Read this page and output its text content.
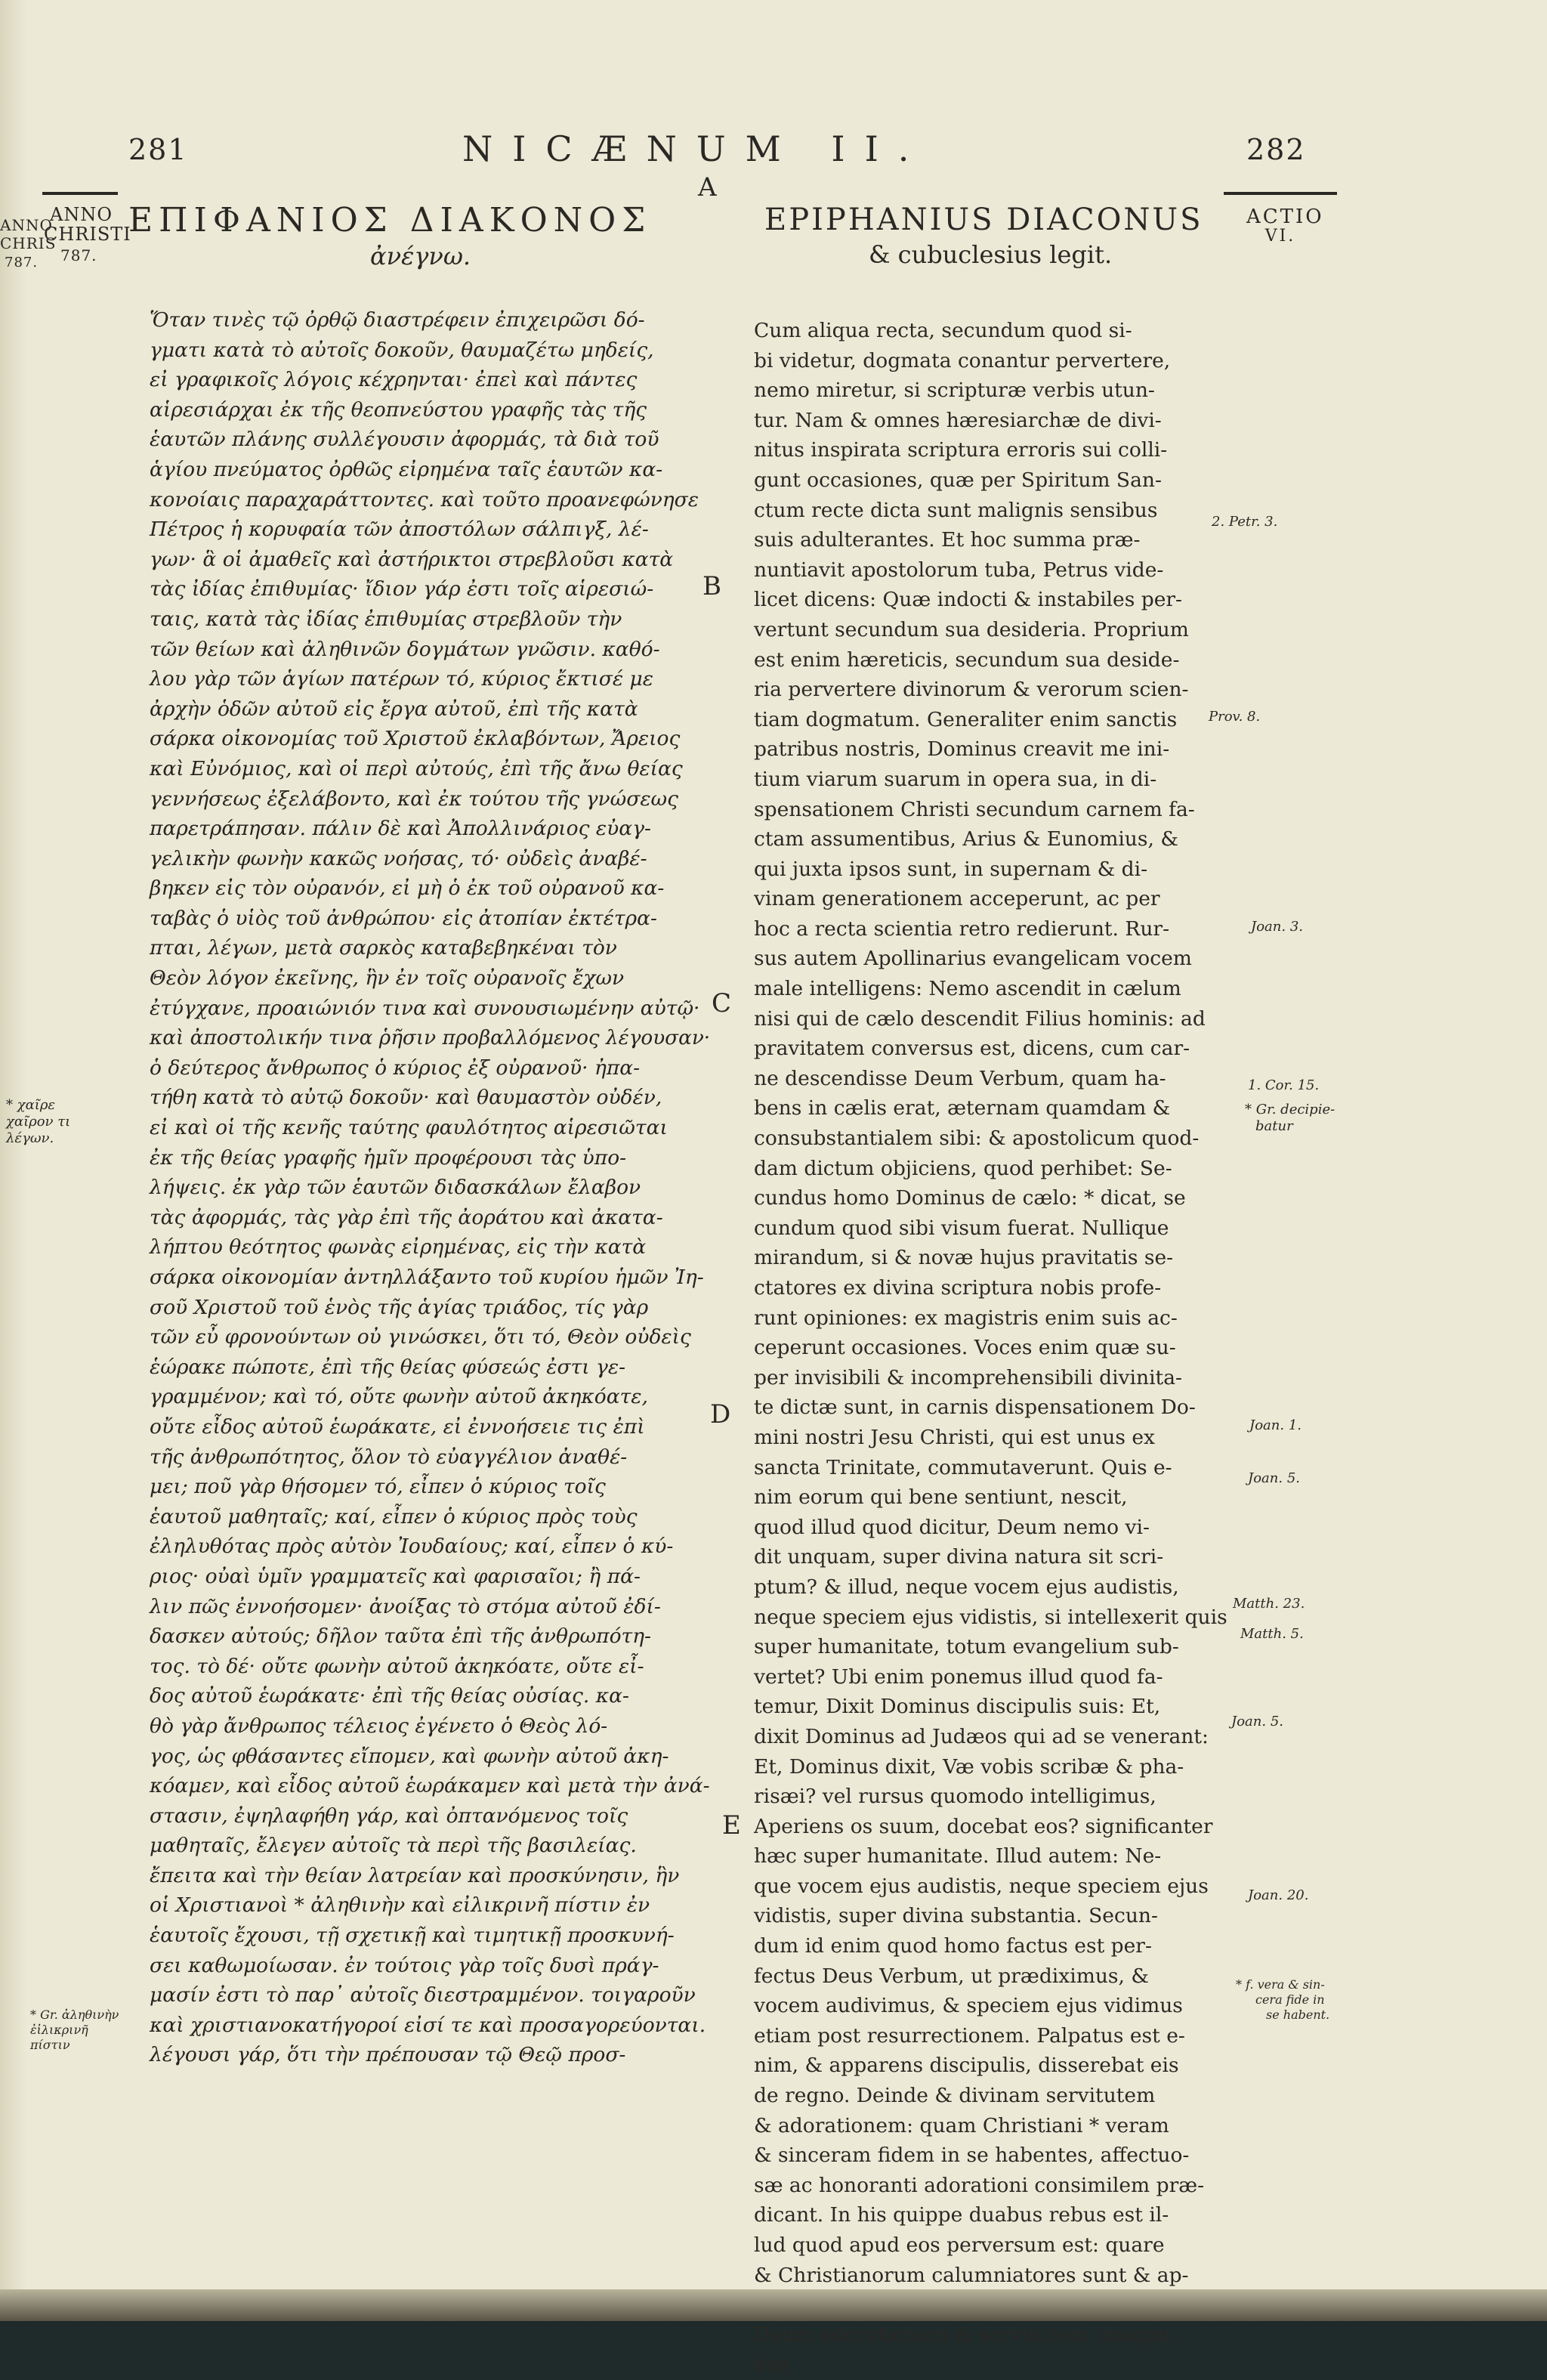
ANNO
CHRIS
787.
281	NICÆNUM II.	282
A
ANNO
CHRISTI
787.
ΕΠΙΦΑΝΙΟΣ ΔΙΑΚΟΝΟΣ
ἀνέγνω.
EPIPHANIUS DIACONUS
& cubuclesius legit.
ACTIO
VI.
Ὅταν τινὲς τῷ ὀρθῷ διαστρέφειν ἐπιχειρῶσι δό-
γματι κατὰ τὸ αὐτοῖς δοκοῦν, θαυμαζέτω μηδείς,
εἰ γραφικοῖς λόγοις κέχρηνται· ἐπεὶ καὶ πάντες
αἱρεσιάρχαι ἐκ τῆς θεοπνεύστου γραφῆς τὰς τῆς
ἑαυτῶν πλάνης συλλέγουσιν ἀφορμάς, τὰ διὰ τοῦ
ἁγίου πνεύματος ὀρθῶς εἰρημένα ταῖς ἑαυτῶν κα-
κονοίαις παραχαράττοντες. καὶ τοῦτο προανεφώνησε
Πέτρος ἡ κορυφαία τῶν ἀποστόλων σάλπιγξ, λέ-
γων· ἃ οἱ ἀμαθεῖς καὶ ἀστήρικτοι στρεβλοῦσι κατὰ
τὰς ἰδίας ἐπιθυμίας· ἴδιον γάρ ἐστι τοῖς αἱρεσιώ-
ταις, κατὰ τὰς ἰδίας ἐπιθυμίας στρεβλοῦν τὴν
τῶν θείων καὶ ἀληθινῶν δογμάτων γνῶσιν. καθό-
λου γὰρ τῶν ἁγίων πατέρων τό, κύριος ἔκτισέ με
ἀρχὴν ὁδῶν αὐτοῦ εἰς ἔργα αὐτοῦ, ἐπὶ τῆς κατὰ
σάρκα οἰκονομίας τοῦ Χριστοῦ ἐκλαβόντων, Ἄρειος
καὶ Εὐνόμιος, καὶ οἱ περὶ αὐτούς, ἐπὶ τῆς ἄνω θείας
γεννήσεως ἐξελάβοντο, καὶ ἐκ τούτου τῆς γνώσεως
παρετράπησαν. πάλιν δὲ καὶ Ἀπολλινάριος εὐαγ-
γελικὴν φωνὴν κακῶς νοήσας, τό· οὐδεὶς ἀναβέ-
βηκεν εἰς τὸν οὐρανόν, εἰ μὴ ὁ ἐκ τοῦ οὐρανοῦ κα-
ταβὰς ὁ υἱὸς τοῦ ἀνθρώπου· εἰς ἀτοπίαν ἐκτέτρα-
πται, λέγων, μετὰ σαρκὸς καταβεβηκέναι τὸν
Θεὸν λόγον ἐκεῖνης, ἣν ἐν τοῖς οὐρανοῖς ἔχων
ἐτύγχανε, προαιώνιόν τινα καὶ συνουσιωμένην αὐτῷ·
καὶ ἀποστολικήν τινα ῥῆσιν προβαλλόμενος λέγουσαν·
ὁ δεύτερος ἄνθρωπος ὁ κύριος ἐξ οὐρανοῦ· ἠπα-
τήθη κατὰ τὸ αὐτῷ δοκοῦν· καὶ θαυμαστὸν οὐδέν,
εἰ καὶ οἱ τῆς κενῆς ταύτης φαυλότητος αἱρεσιῶται
ἐκ τῆς θείας γραφῆς ἡμῖν προφέρουσι τὰς ὑπο-
λήψεις. ἐκ γὰρ τῶν ἑαυτῶν διδασκάλων ἔλαβον
τὰς ἀφορμάς, τὰς γὰρ ἐπὶ τῆς ἀοράτου καὶ ἀκατα-
λήπτου θεότητος φωνὰς εἰρημένας, εἰς τὴν κατὰ
σάρκα οἰκονομίαν ἀντηλλάξαντο τοῦ κυρίου ἡμῶν Ἰη-
σοῦ Χριστοῦ τοῦ ἑνὸς τῆς ἁγίας τριάδος, τίς γὰρ
τῶν εὖ φρονούντων οὐ γινώσκει, ὅτι τό, Θεὸν οὐδεὶς
ἑώρακε πώποτε, ἐπὶ τῆς θείας φύσεώς ἐστι γε-
γραμμένον; καὶ τό, οὔτε φωνὴν αὐτοῦ ἀκηκόατε,
οὔτε εἶδος αὐτοῦ ἑωράκατε, εἰ ἐννοήσειε τις ἐπὶ
τῆς ἀνθρωπότητος, ὅλον τὸ εὐαγγέλιον ἀναθέ-
μει; ποῦ γὰρ θήσομεν τό, εἶπεν ὁ κύριος τοῖς
ἑαυτοῦ μαθηταῖς; καί, εἶπεν ὁ κύριος πρὸς τοὺς
ἐληλυθότας πρὸς αὐτὸν Ἰουδαίους; καί, εἶπεν ὁ κύ-
ριος· οὐαὶ ὑμῖν γραμματεῖς καὶ φαρισαῖοι; ἢ πά-
λιν πῶς ἐννοήσομεν· ἀνοίξας τὸ στόμα αὐτοῦ ἐδί-
δασκεν αὐτούς; δῆλον ταῦτα ἐπὶ τῆς ἀνθρωπότη-
τος. τὸ δέ· οὔτε φωνὴν αὐτοῦ ἀκηκόατε, οὔτε εἶ-
δος αὐτοῦ ἑωράκατε· ἐπὶ τῆς θείας οὐσίας. κα-
θὸ γὰρ ἄνθρωπος τέλειος ἐγένετο ὁ Θεὸς λό-
γος, ὡς φθάσαντες εἴπομεν, καὶ φωνὴν αὐτοῦ ἀκη-
κόαμεν, καὶ εἶδος αὐτοῦ ἑωράκαμεν καὶ μετὰ τὴν ἀνά-
στασιν, ἐψηλαφήθη γάρ, καὶ ὀπτανόμενος τοῖς
μαθηταῖς, ἔλεγεν αὐτοῖς τὰ περὶ τῆς βασιλείας.
ἔπειτα καὶ τὴν θείαν λατρείαν καὶ προσκύνησιν, ἣν
οἱ Χριστιανοὶ * ἀληθινὴν καὶ εἰλικρινῆ πίστιν ἐν
ἑαυτοῖς ἔχουσι, τῇ σχετικῇ καὶ τιμητικῇ προσκυνή-
σει καθωμοίωσαν. ἐν τούτοις γὰρ τοῖς δυσὶ πράγ-
μασίν ἐστι τὸ παρ᾽ αὐτοῖς διεστραμμένον. τοιγαροῦν
καὶ χριστιανοκατήγοροί εἰσί τε καὶ προσαγορεύονται.
λέγουσι γάρ, ὅτι τὴν πρέπουσαν τῷ Θεῷ προσ-
Cum aliqua recta, secundum quod si-
bi videtur, dogmata conantur pervertere,
nemo miretur, si scripturæ verbis utun-
tur. Nam & omnes hæresiarchæ de divi-
nitus inspirata scriptura erroris sui colli-
gunt occasiones, quæ per Spiritum San-
ctum recte dicta sunt malignis sensibus
suis adulterantes. Et hoc summa præ-
nuntiavit apostolorum tuba, Petrus vide-
licet dicens: Quæ indocti & instabiles per-
vertunt secundum sua desideria. Proprium
est enim hæreticis, secundum sua deside-
ria pervertere divinorum & verorum scien-
tiam dogmatum. Generaliter enim sanctis
patribus nostris, Dominus creavit me ini-
tium viarum suarum in opera sua, in di-
spensationem Christi secundum carnem fa-
ctam assumentibus, Arius & Eunomius, &
qui juxta ipsos sunt, in supernam & di-
vinam generationem acceperunt, ac per
hoc a recta scientia retro redierunt. Rur-
sus autem Apollinarius evangelicam vocem
male intelligens: Nemo ascendit in cælum
nisi qui de cælo descendit Filius hominis: ad
pravitatem conversus est, dicens, cum car-
ne descendisse Deum Verbum, quam ha-
bens in cælis erat, æternam quamdam &
consubstantialem sibi: & apostolicum quod-
dam dictum objiciens, quod perhibet: Se-
cundus homo Dominus de cælo: * dicat, se
cundum quod sibi visum fuerat. Nullique
mirandum, si & novæ hujus pravitatis se-
ctatores ex divina scriptura nobis profe-
runt opiniones: ex magistris enim suis ac-
ceperunt occasiones. Voces enim quæ su-
per invisibili & incomprehensibili divinita-
te dictæ sunt, in carnis dispensationem Do-
mini nostri Jesu Christi, qui est unus ex
sancta Trinitate, commutaverunt. Quis e-
nim eorum qui bene sentiunt, nescit,
quod illud quod dicitur, Deum nemo vi-
dit unquam, super divina natura sit scri-
ptum? & illud, neque vocem ejus audistis,
neque speciem ejus vidistis, si intellexerit quis
super humanitate, totum evangelium sub-
vertet? Ubi enim ponemus illud quod fa-
temur, Dixit Dominus discipulis suis: Et,
dixit Dominus ad Judæos qui ad se venerant:
Et, Dominus dixit, Væ vobis scribæ & pha-
risæi? vel rursus quomodo intelligimus,
Aperiens os suum, docebat eos? significanter
hæc super humanitate. Illud autem: Ne-
que vocem ejus audistis, neque speciem ejus
vidistis, super divina substantia. Secun-
dum id enim quod homo factus est per-
fectus Deus Verbum, ut prædiximus, &
vocem audivimus, & speciem ejus vidimus
etiam post resurrectionem. Palpatus est e-
nim, & apparens discipulis, disserebat eis
de regno. Deinde & divinam servitutem
& adorationem: quam Christiani * veram
& sinceram fidem in se habentes, affectuo-
sæ ac honoranti adorationi consimilem præ-
dicant. In his quippe duabus rebus est il-
lud quod apud eos perversum est: quare
& Christianorum calumniatores sunt & ap-
Deum adorationem & servitutem imagini-
bus
B
C
D
E
* χαῖρε
χαῖρον τι
λέγων.
* Gr. ἀληθινὴν
ἐἰλικρινῆ
πίστιν
2. Petr. 3.
Prov. 8.
Joan. 3.
1. Cor. 15.
* Gr. decipie-
batur
Joan. 1.
Joan. 5.
Matth. 23.
Matth. 5.
Joan. 5.
Joan. 20.
* f. vera & sin-
cera fide in
se habent.
